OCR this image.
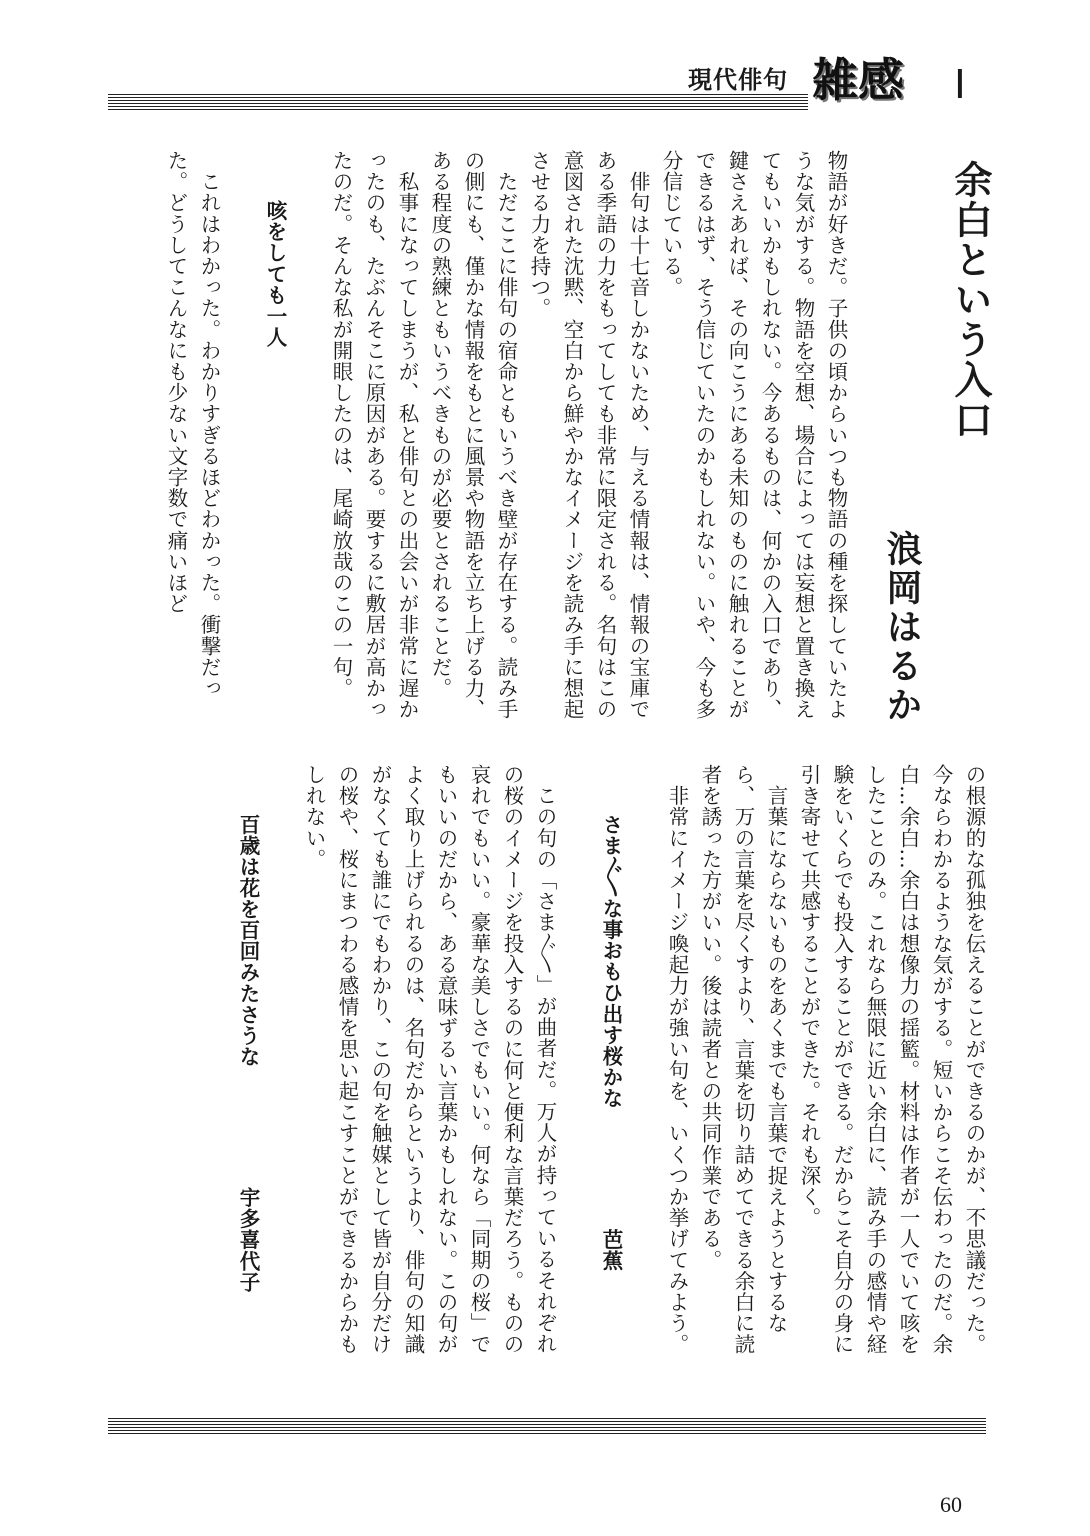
現代俳句 雑感 Ⅰ
余白という入口
浪岡はるか
物語が好きだ。子供の頃からいつも物語の種を探していたような気がする。物語を空想、場合によっては妄想と置き換えてもいいかもしれない。今あるものは、何かの入口であり、鍵さえあれば、その向こうにある未知のものに触れることができるはず、そう信じていたのかもしれない。いや、今も多分信じている。
　俳句は十七音しかないため、与える情報は、情報の宝庫である季語の力をもってしても非常に限定される。名句はこの意図された沈黙、空白から鮮やかなイメージを読み手に想起させる力を持つ。
　ただここに俳句の宿命ともいうべき壁が存在する。読み手の側にも、僅かな情報をもとに風景や物語を立ち上げる力、ある程度の熟練ともいうべきものが必要とされることだ。
　私事になってしまうが、私と俳句との出会いが非常に遅かったのも、たぶんそこに原因がある。要するに敷居が高かったのだ。そんな私が開眼したのは、尾崎放哉のこの一句。
咳をしても一人
　これはわかった。わかりすぎるほどわかった。衝撃だった。どうしてこんなにも少ない文字数で痛いほど
の根源的な孤独を伝えることができるのかが、不思議だった。今ならわかるような気がする。短いからこそ伝わったのだ。余白…余白…余白は想像力の揺籃。材料は作者が一人でいて咳をしたことのみ。これなら無限に近い余白に、読み手の感情や経験をいくらでも投入することができる。だからこそ自分の身に引き寄せて共感することができた。それも深く。
　言葉にならないものをあくまでも言葉で捉えようとするなら、万の言葉を尽くすより、言葉を切り詰めてできる余白に読者を誘った方がいい。後は読者との共同作業である。
　非常にイメージ喚起力が強い句を、いくつか挙げてみよう。
さま〴〵な事おもひ出す桜かな芭蕉
　この句の「さま〴〵」が曲者だ。万人が持っているそれぞれの桜のイメージを投入するのに何と便利な言葉だろう。ものの哀れでもいい。豪華な美しさでもいい。何なら「同期の桜」でもいいのだから、ある意味ずるい言葉かもしれない。この句がよく取り上げられるのは、名句だからというより、俳句の知識がなくても誰にでもわかり、この句を触媒として皆が自分だけの桜や、桜にまつわる感情を思い起こすことができるからかもしれない。
百歳は花を百回みたさうな宇多喜代子
60
